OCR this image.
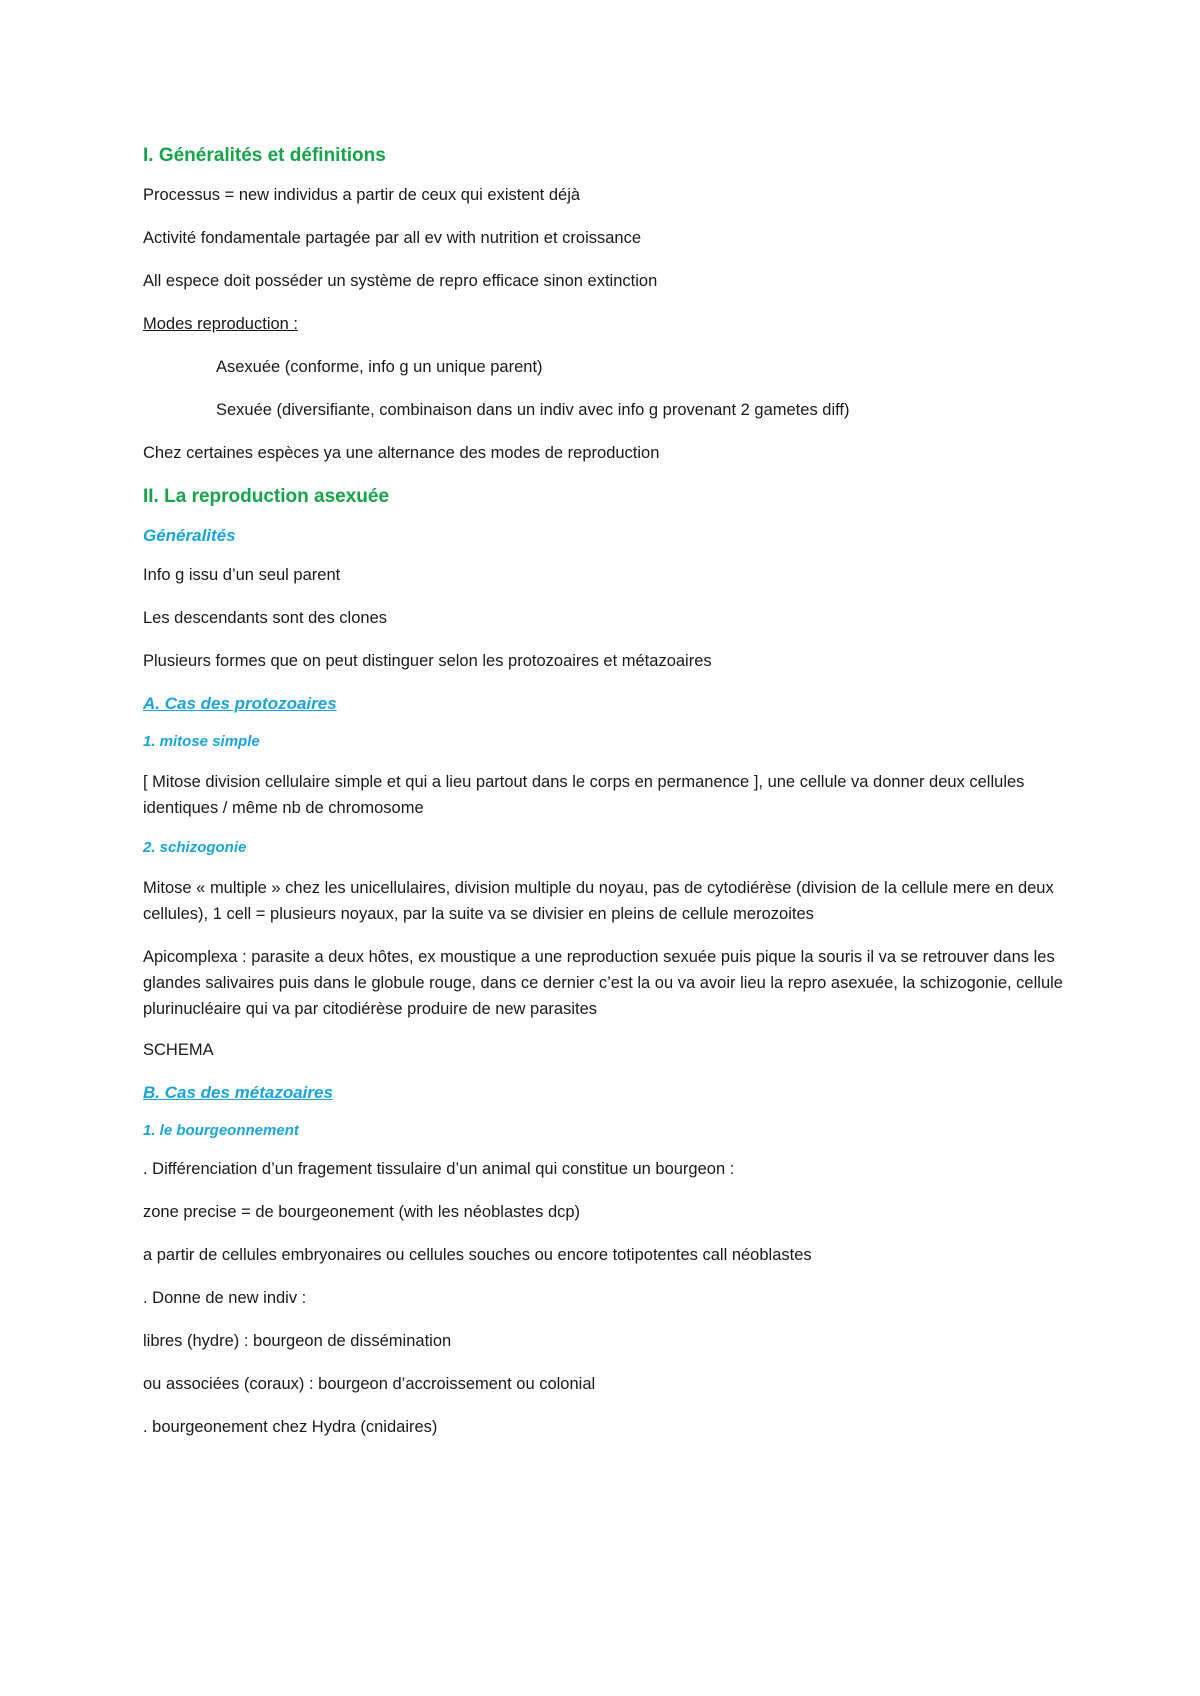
I. Généralités et définitions
Processus = new individus a partir de ceux qui existent déjà
Activité fondamentale partagée par all ev with nutrition et croissance
All espece doit posséder un système de repro efficace sinon extinction
Modes reproduction :
Asexuée (conforme, info g un unique parent)
Sexuée (diversifiante, combinaison dans un indiv avec info g provenant 2 gametes diff)
Chez certaines espèces ya une alternance des modes de reproduction
II. La reproduction asexuée
Généralités
Info g issu d’un seul parent
Les descendants sont des clones
Plusieurs formes que on peut distinguer selon les protozoaires et métazoaires
A. Cas des protozoaires
1. mitose simple
[ Mitose division cellulaire simple et qui a lieu partout dans le corps en permanence ], une cellule va donner deux cellules identiques / même nb de chromosome
2. schizogonie
Mitose « multiple » chez les unicellulaires, division multiple du noyau, pas de cytodiérèse (division de la cellule mere en deux cellules), 1 cell = plusieurs noyaux, par la suite va se divisier en pleins de cellule merozoites
Apicomplexa : parasite a deux hôtes, ex moustique a une reproduction sexuée puis pique la souris il va se retrouver dans les glandes salivaires puis dans le globule rouge, dans ce dernier c’est la ou va avoir lieu la repro asexuée, la schizogonie, cellule plurinucléaire qui va par citodiérèse produire de new parasites
SCHEMA
B. Cas des métazoaires
1. le bourgeonnement
. Différenciation d’un fragement tissulaire d’un animal qui constitue un bourgeon :
zone precise = de bourgeonement (with les néoblastes dcp)
a partir de cellules embryonaires ou cellules souches ou encore totipotentes call néoblastes
. Donne de new indiv :
libres (hydre) : bourgeon de dissémination
ou associées (coraux) : bourgeon d’accroissement ou colonial
. bourgeonement chez Hydra (cnidaires)
